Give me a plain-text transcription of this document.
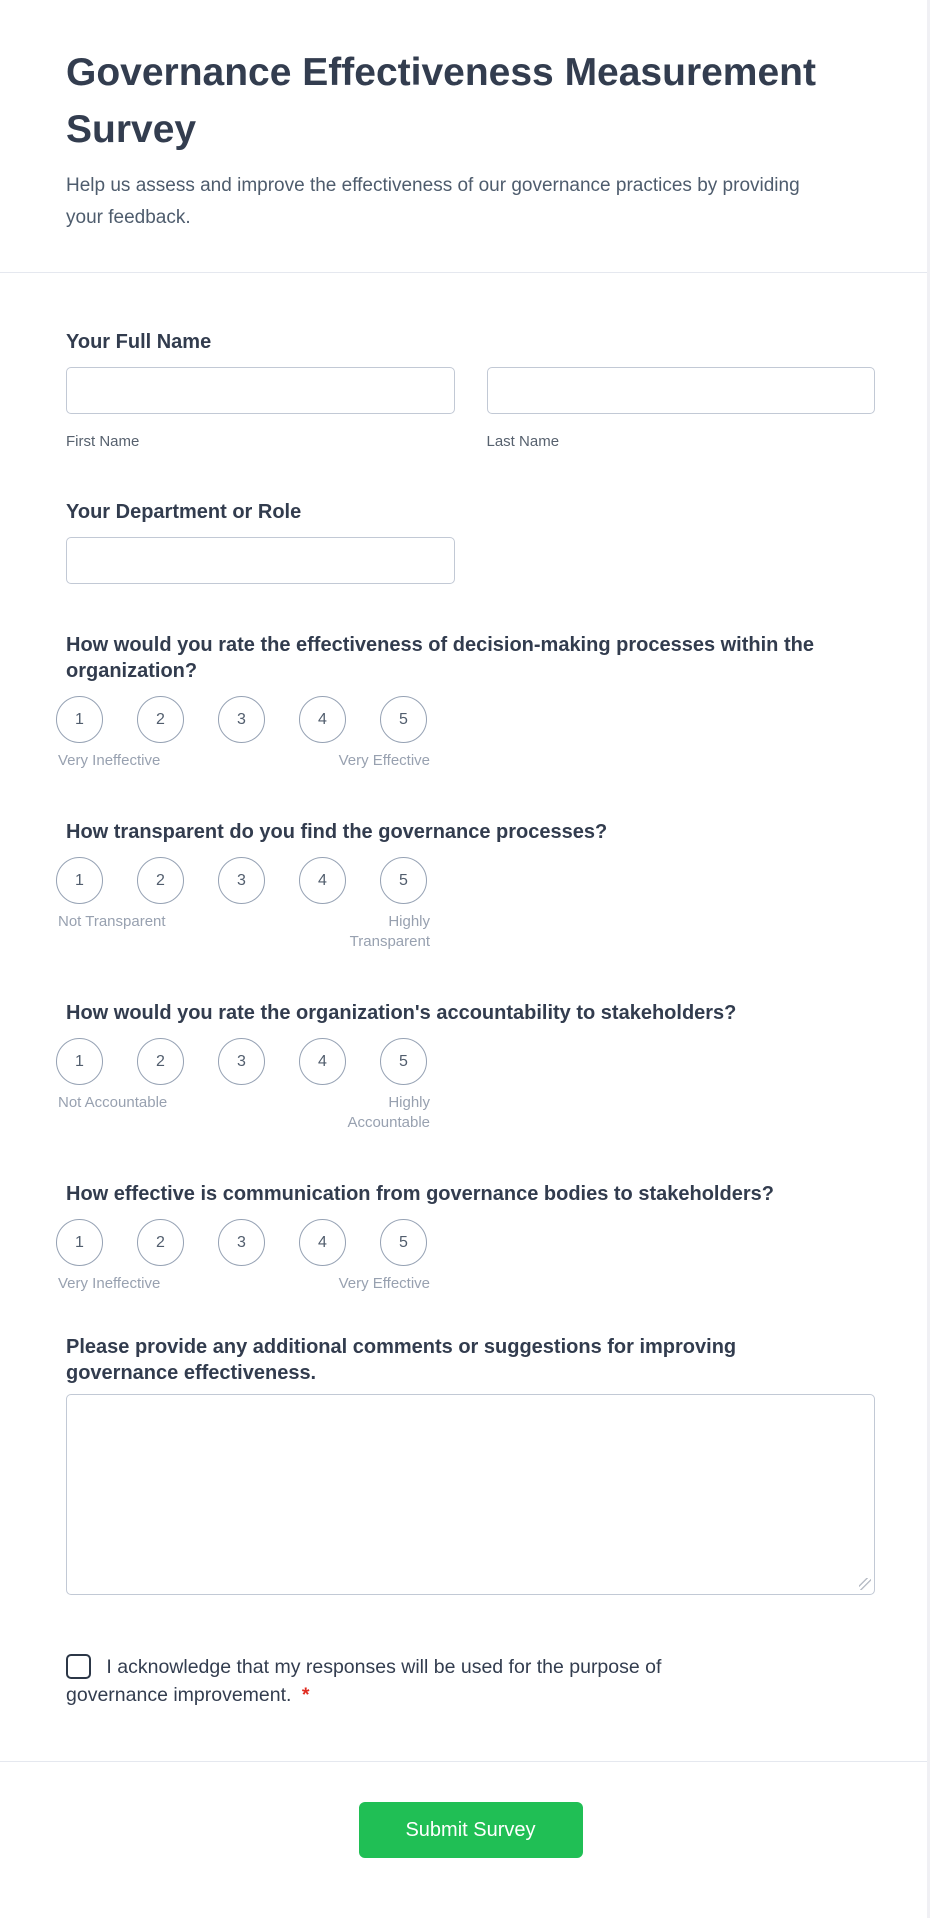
Governance Effectiveness Measurement Survey

Help us assess and improve the effectiveness of our governance practices by providing your feedback.

Your Full Name
First Name	Last Name
Your Department or Role
How would you rate the effectiveness of decision-making processes within the organization?
1	2	3	4	5
Very Ineffective	Very Effective
How transparent do you find the governance processes?
1	2	3	4	5
Not Transparent	Highly Transparent
How would you rate the organization's accountability to stakeholders?
1	2	3	4	5
Not Accountable	Highly Accountable
How effective is communication from governance bodies to stakeholders?
1	2	3	4	5
Very Ineffective	Very Effective
Please provide any additional comments or suggestions for improving governance effectiveness.
I acknowledge that my responses will be used for the purpose of governance improvement. *
Submit Survey
